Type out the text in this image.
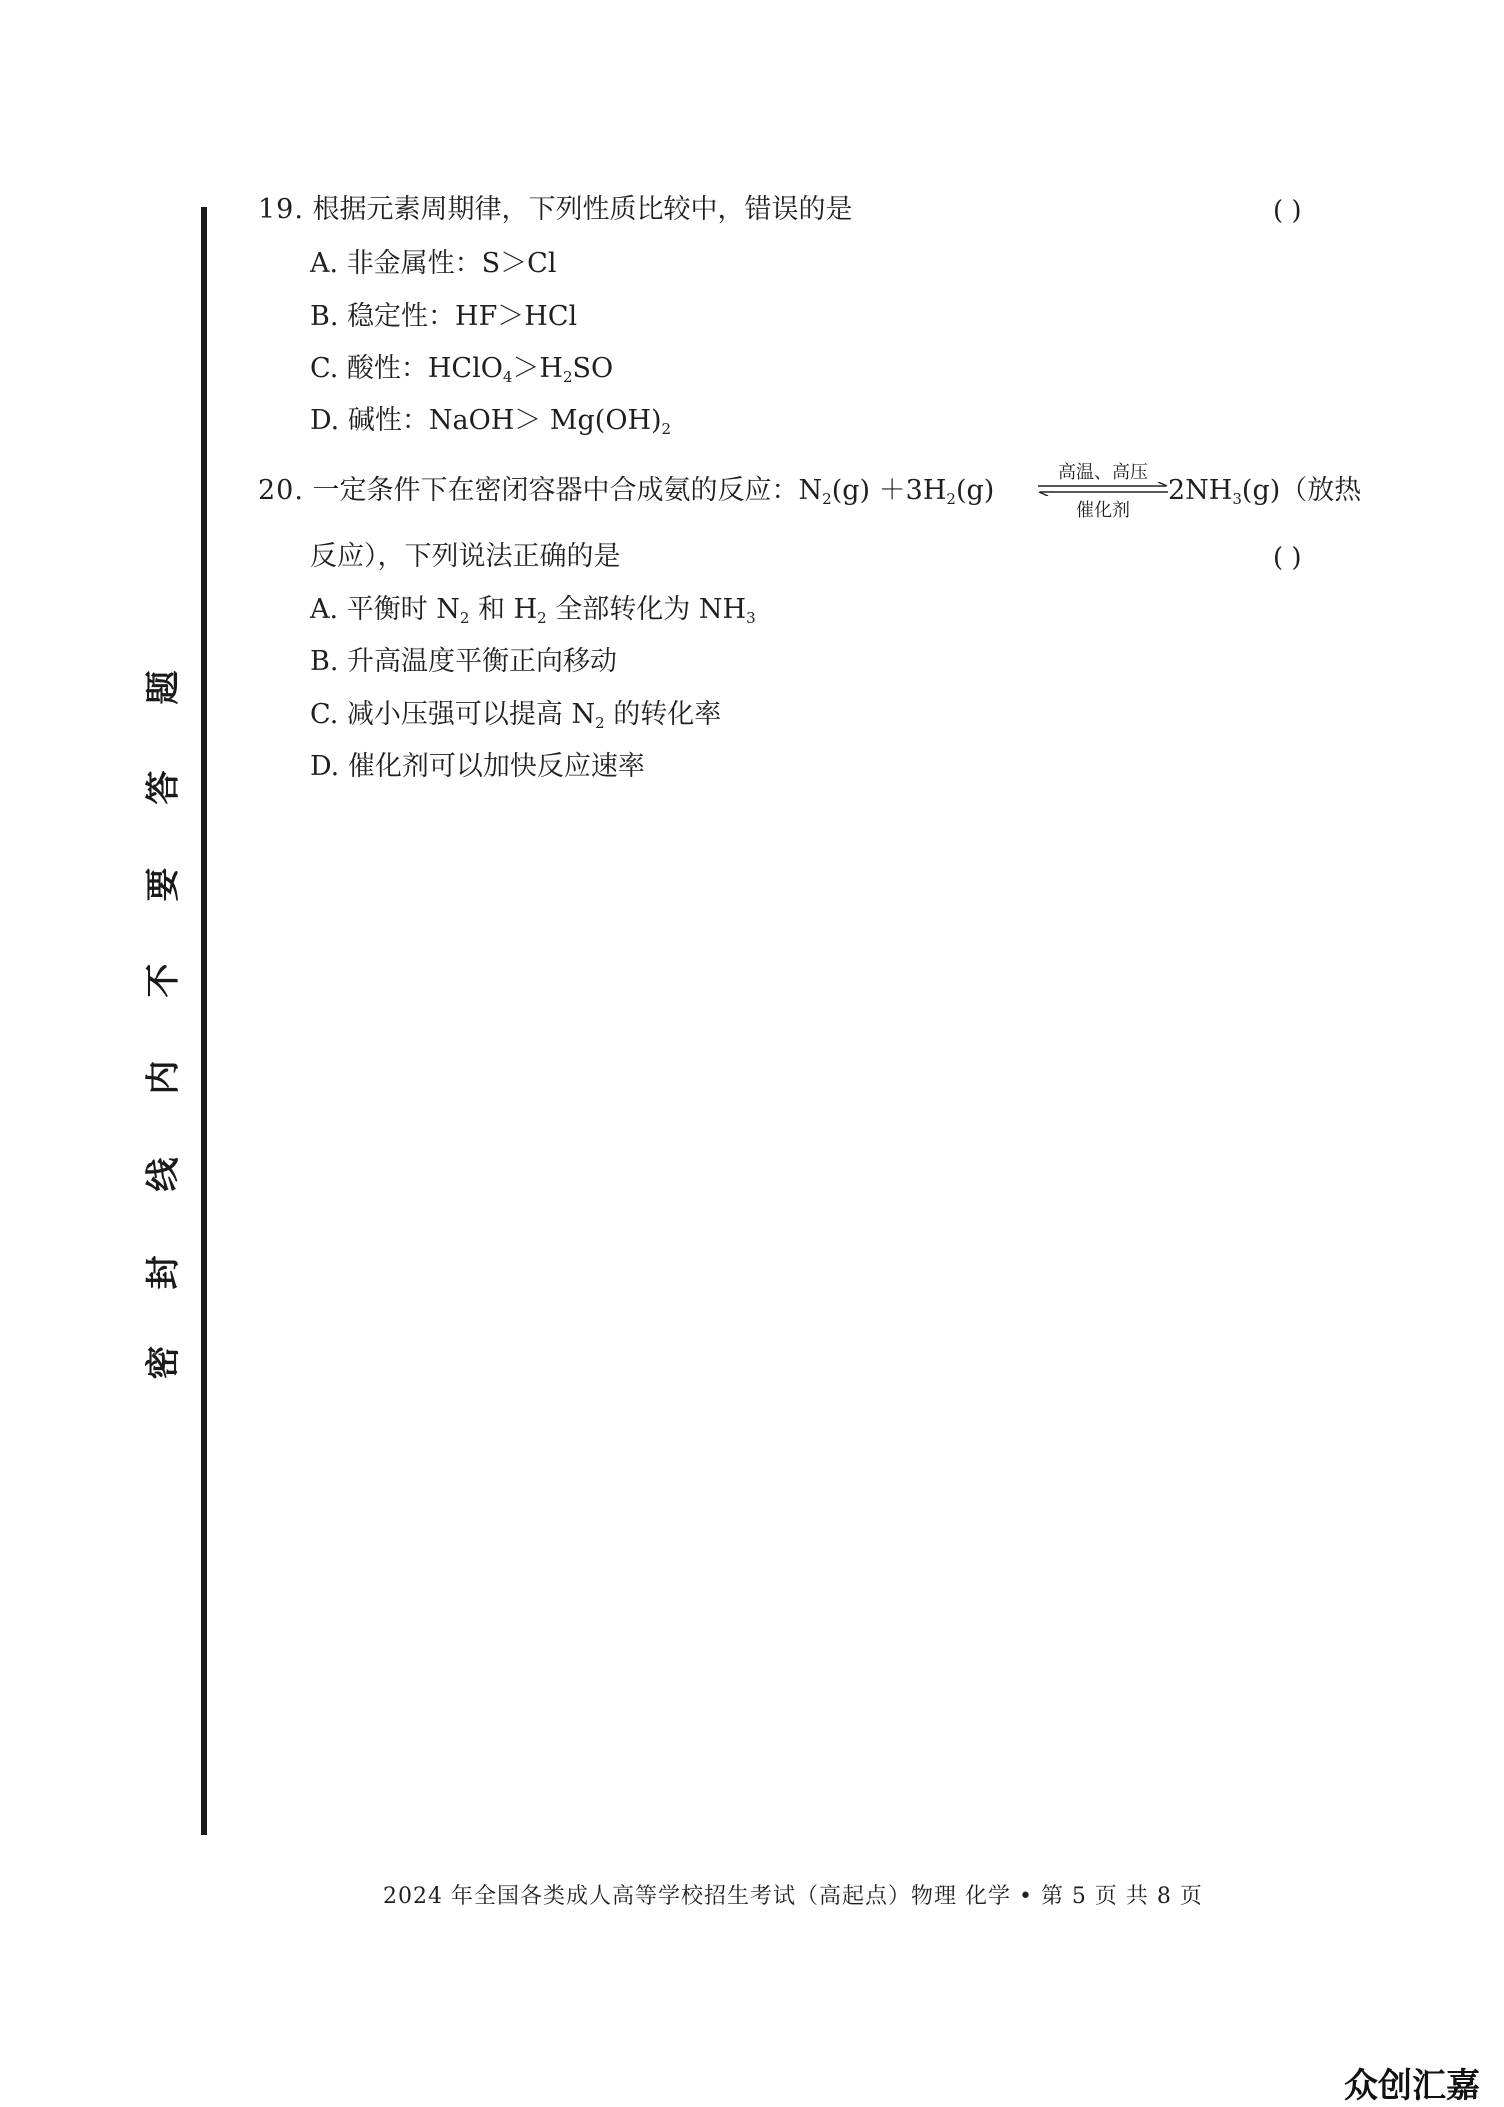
密
封
线
内
不
要
答
题
19. 根据元素周期律，下列性质比较中，错误的是	( )
A. 非金属性：S＞Cl
B. 稳定性：HF＞HCl
C. 酸性：$HClO_4>H_2SO$
D. 碱性：NaOH＞ $Mg(OH)_2$
20. 一定条件下在密闭容器中合成氨的反应：$N_2(g) +3H_2(g)$
高温、高压
催化剂
$2NH_3(g)$（放热
反应），下列说法正确的是	( )
A. 平衡时 $N_2$ 和 $H_2$ 全部转化为 $NH_3$
B. 升高温度平衡正向移动
C. 减小压强可以提高 $N_2$ 的转化率
D. 催化剂可以加快反应速率
2024 年全国各类成人高等学校招生考试（高起点）物理 化学 • 第 5 页 共 8 页
众创汇嘉
